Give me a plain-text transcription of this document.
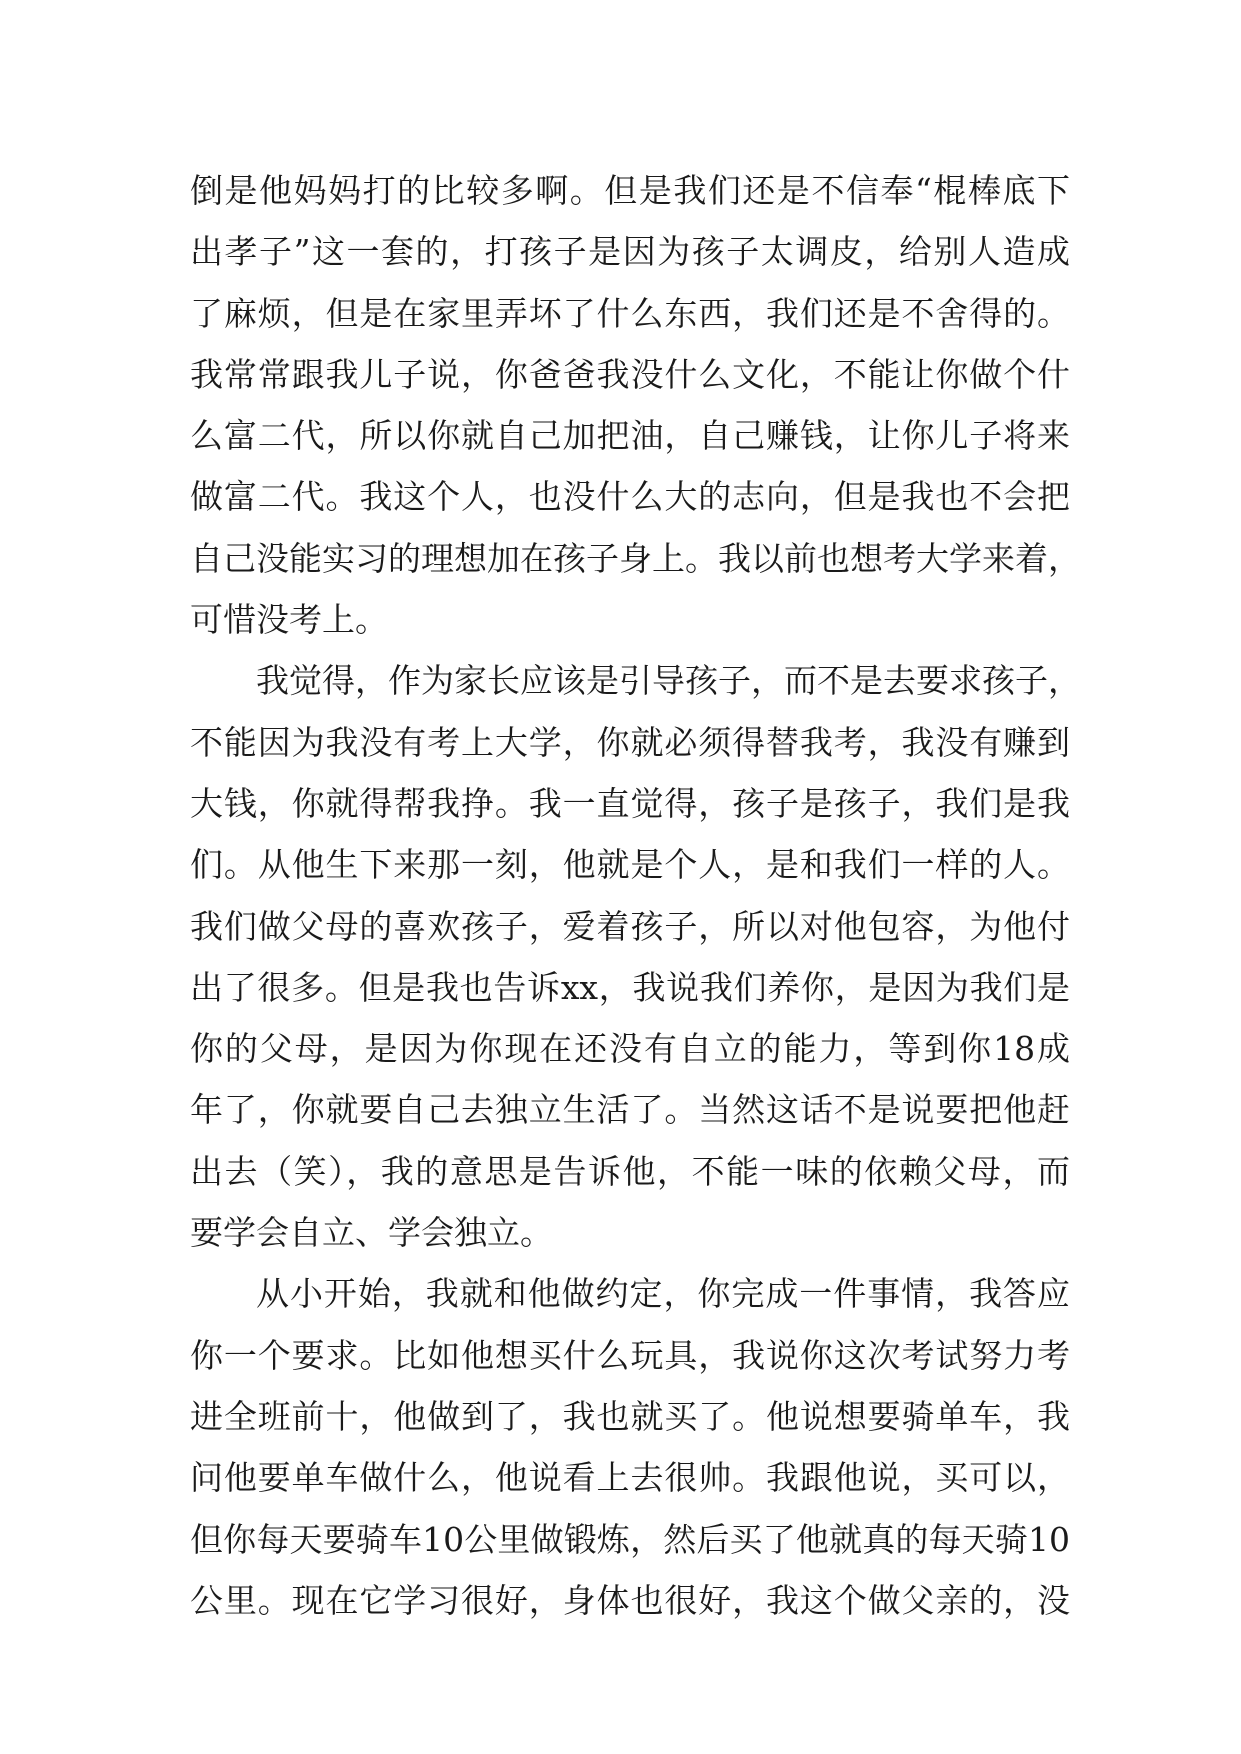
倒是他妈妈打的比较多啊。但是我们还是不信奉“棍棒底下
出孝子”这一套的，打孩子是因为孩子太调皮，给别人造成
了麻烦，但是在家里弄坏了什么东西，我们还是不舍得的。
我常常跟我儿子说，你爸爸我没什么文化，不能让你做个什
么富二代，所以你就自己加把油，自己赚钱，让你儿子将来
做富二代。我这个人，也没什么大的志向，但是我也不会把
自己没能实习的理想加在孩子身上。我以前也想考大学来着，
可惜没考上。
我觉得，作为家长应该是引导孩子，而不是去要求孩子，
不能因为我没有考上大学，你就必须得替我考，我没有赚到
大钱，你就得帮我挣。我一直觉得，孩子是孩子，我们是我
们。从他生下来那一刻，他就是个人，是和我们一样的人。
我们做父母的喜欢孩子，爱着孩子，所以对他包容，为他付
出了很多。但是我也告诉xx，我说我们养你，是因为我们是
你的父母，是因为你现在还没有自立的能力，等到你18成
年了，你就要自己去独立生活了。当然这话不是说要把他赶
出去（笑），我的意思是告诉他，不能一味的依赖父母，而
要学会自立、学会独立。
从小开始，我就和他做约定，你完成一件事情，我答应
你一个要求。比如他想买什么玩具，我说你这次考试努力考
进全班前十，他做到了，我也就买了。他说想要骑单车，我
问他要单车做什么，他说看上去很帅。我跟他说，买可以，
但你每天要骑车10公里做锻炼，然后买了他就真的每天骑10
公里。现在它学习很好，身体也很好，我这个做父亲的，没
